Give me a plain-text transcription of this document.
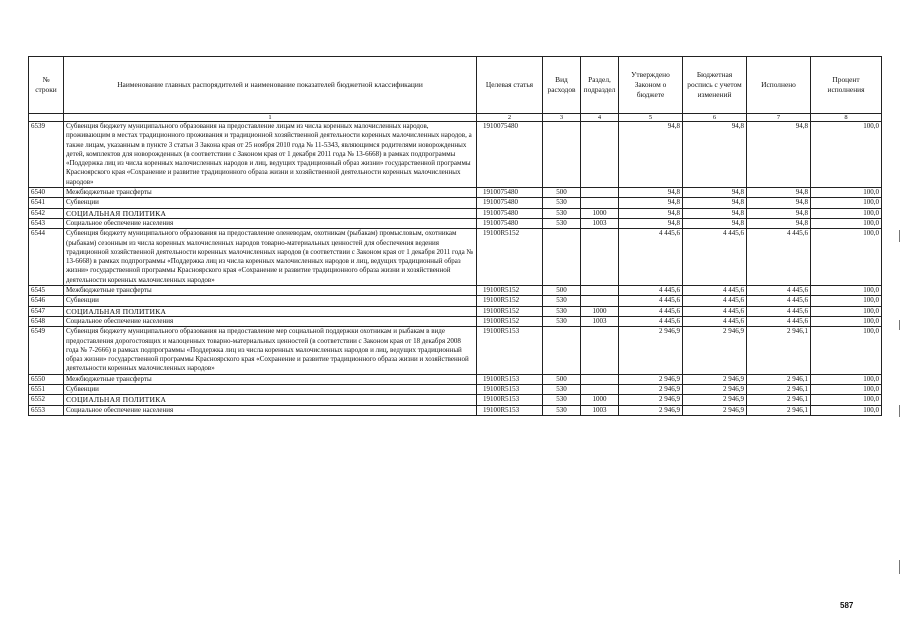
№ строки	Наименование главных распорядителей и наименование показателей бюджетной классификации	Целевая статья	Вид расходов	Раздел, подраздел	Утверждено Законом о бюджете	Бюджетная роспись с учетом изменений	Исполнено	Процент исполнения
	1	2	3	4	5	6	7	8
6539	Субвенция бюджету муниципального образования на предоставление лицам из числа коренных малочисленных народов, проживающим в местах традиционного проживания и традиционной хозяйственной деятельности коренных малочисленных народов, а также лицам, указанным в пункте 3 статьи 3 Закона края от 25 ноября 2010 года № 11-5343, являющимся родителями новорожденных детей, комплектов для новорожденных (в соответствии с Законом края от 1 декабря 2011 года № 13-6668) в рамках подпрограммы «Поддержка лиц из числа коренных малочисленных народов и лиц, ведущих традиционный образ жизни» государственной программы Красноярского края «Сохранение и развитие традиционного образа жизни и хозяйственной деятельности коренных малочисленных народов»	1910075480			94,8	94,8	94,8	100,0
6540	Межбюджетные трансферты	1910075480	500		94,8	94,8	94,8	100,0
6541	Субвенции	1910075480	530		94,8	94,8	94,8	100,0
6542	СОЦИАЛЬНАЯ ПОЛИТИКА	1910075480	530	1000	94,8	94,8	94,8	100,0
6543	Социальное обеспечение населения	1910075480	530	1003	94,8	94,8	94,8	100,0
6544	Субвенция бюджету муниципального образования на предоставление оленеводам, охотникам (рыбакам) промысловым, охотникам (рыбакам) сезонным из числа коренных малочисленных народов товарно-материальных ценностей для обеспечения ведения традиционной хозяйственной деятельности коренных малочисленных народов (в соответствии с Законом края от 1 декабря 2011 года № 13-6668) в рамках подпрограммы «Поддержка лиц из числа коренных малочисленных народов и лиц, ведущих традиционный образ жизни» государственной программы Красноярского края «Сохранение и развитие традиционного образа жизни и хозяйственной деятельности коренных малочисленных народов»	19100R5152			4 445,6	4 445,6	4 445,6	100,0
6545	Межбюджетные трансферты	19100R5152	500		4 445,6	4 445,6	4 445,6	100,0
6546	Субвенции	19100R5152	530		4 445,6	4 445,6	4 445,6	100,0
6547	СОЦИАЛЬНАЯ ПОЛИТИКА	19100R5152	530	1000	4 445,6	4 445,6	4 445,6	100,0
6548	Социальное обеспечение населения	19100R5152	530	1003	4 445,6	4 445,6	4 445,6	100,0
6549	Субвенция бюджету муниципального образования на предоставление мер социальной поддержки охотникам и рыбакам в виде предоставления дорогостоящих и малоценных товарно-материальных ценностей (в соответствии с Законом края от 18 декабря 2008 года № 7-2666) в рамках подпрограммы «Поддержка лиц из числа коренных малочисленных народов и лиц, ведущих традиционный образ жизни» государственной программы Красноярского края «Сохранение и развитие традиционного образа жизни и хозяйственной деятельности коренных малочисленных народов»	19100R5153			2 946,9	2 946,9	2 946,1	100,0
6550	Межбюджетные трансферты	19100R5153	500		2 946,9	2 946,9	2 946,1	100,0
6551	Субвенции	19100R5153	530		2 946,9	2 946,9	2 946,1	100,0
6552	СОЦИАЛЬНАЯ ПОЛИТИКА	19100R5153	530	1000	2 946,9	2 946,9	2 946,1	100,0
6553	Социальное обеспечение населения	19100R5153	530	1003	2 946,9	2 946,9	2 946,1	100,0
587
